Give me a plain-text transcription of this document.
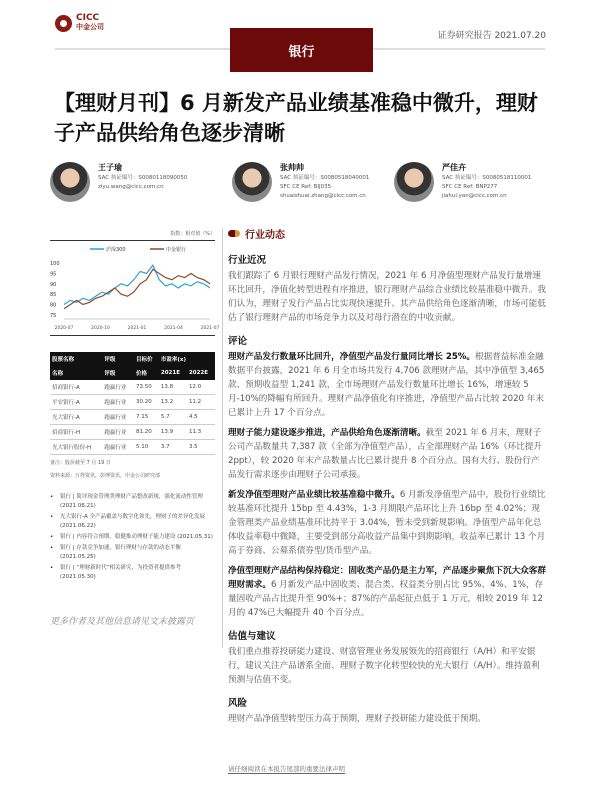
CICC
中金公司
银行
证券研究报告 2021.07.20
【理财月刊】6 月新发产品业绩基准稳中微升，理财子产品供给角色逐步清晰
指数：相对值（%）
沪深300	中金银行
75
80
85
90
95
100
2020-07	2020-10	2021-01	2021-04	2021-07
股票名称	评级	目标价	市盈率(x)	
名称	评级	价格	2021E	2022E
招商银行-A	跑赢行业	73.50	13.8	12.0
平安银行-A	跑赢行业	30.20	13.2	11.2
光大银行-A	跑赢行业	7.15	5.7	4.5
招商银行-H	跑赢行业	81.20	13.9	11.3
光大银行股份-H	跑赢行业	5.10	3.7	3.5
备注：股价截至 7 月 19 日
资料来源：万得资讯，彭博资讯，中金公司研究部
• 银行 | 简评现金管理类理财产品整改新规，强化流动性管理 (2021.06.21)
• 光大银行-A 全产品覆盖与数字化领先，理财子的差异化发展 (2021.06.22)
• 银行 | 内容符合预期，稳健推动理财子能力建设 (2021.05.31)
• 银行 | 存款竞争加速，银行理财与存款的动态平衡 (2021.05.25)
• 银行 | “理财新时代”相关研究，为投资者提供参考 (2021.05.30)
更多作者及其他信息请见文末披露页
行业动态
行业近况
我们跟踪了 6 月银行理财产品发行情况，2021 年 6 月净值型理财产品发行量增速环比回升，净值化转型进程有序推进，银行理财产品综合业绩比较基准稳中微升。我们认为，理财子发行产品占比实现快速提升、其产品供给角色逐渐清晰，市场可能低估了银行理财产品的市场竞争力以及对母行潜在的中收贡献。
评论
理财产品发行数量环比回升，净值型产品发行量同比增长 25%。根据普益标准金融数据平台披露，2021 年 6 月全市场共发行 4,706 款理财产品，其中净值型 3,465 款、预期收益型 1,241 款，全市场理财产品发行数量环比增长 16%，增速较 5 月-10%的降幅有所回升。理财产品净值化有序推进，净值型产品占比较 2020 年末已累计上升 17 个百分点。
理财子能力建设逐步推进，产品供给角色逐渐清晰。截至 2021 年 6 月末，理财子公司产品数量共 7,387 款（全部为净值型产品），占全部理财产品 16%（环比提升 2ppt），较 2020 年末产品数量占比已累计提升 8 个百分点。国有大行、股份行产品发行需求逐步由理财子公司承接。
新发净值型理财产品业绩比较基准稳中微升。6 月新发净值型产品中，股份行业绩比较基准环比提升 15bp 至 4.43%，1-3 月期限产品环比上升 16bp 至 4.02%；现金管理类产品业绩基准环比持平于 3.04%，暂未受到新规影响。净值型产品年化总体收益率稳中微降，主要受到部分高收益产品集中到期影响，收益率已累计 13 个月高于券商、公募系债券型/货币型产品。
净值型理财产品结构保持稳定：固收类产品仍是主力军，产品逐步聚焦下沉大众客群理财需求。6 月新发产品中固收类、混合类、权益类分别占比 95%、4%、1%，存量固收产品占比提升至 90%+；87%的产品起征点低于 1 万元，相较 2019 年 12 月的 47%已大幅提升 40 个百分点。
估值与建议
我们重点推荐投研能力建设、财富管理业务发展领先的招商银行（A/H）和平安银行，建议关注产品谱系全面、理财子数字化转型较快的光大银行（A/H）。维持盈利预测与估值不变。
风险
理财产品净值型转型压力高于预期，理财子投研能力建设低于预期。
请仔细阅读在本报告尾部的重要法律声明
王子瑜
SAC 执证编号：S0080118090050
ziyu.wang@cicc.com.cn
张帅帅
SAC 执证编号：S0080518040001
SFC CE Ref: BIJ035
shuaishuai.zhang@cicc.com.cn
严佳卉
SAC 执证编号：S0080518110001
SFC CE Ref: BNP277
jiahui.yan@cicc.com.cn
